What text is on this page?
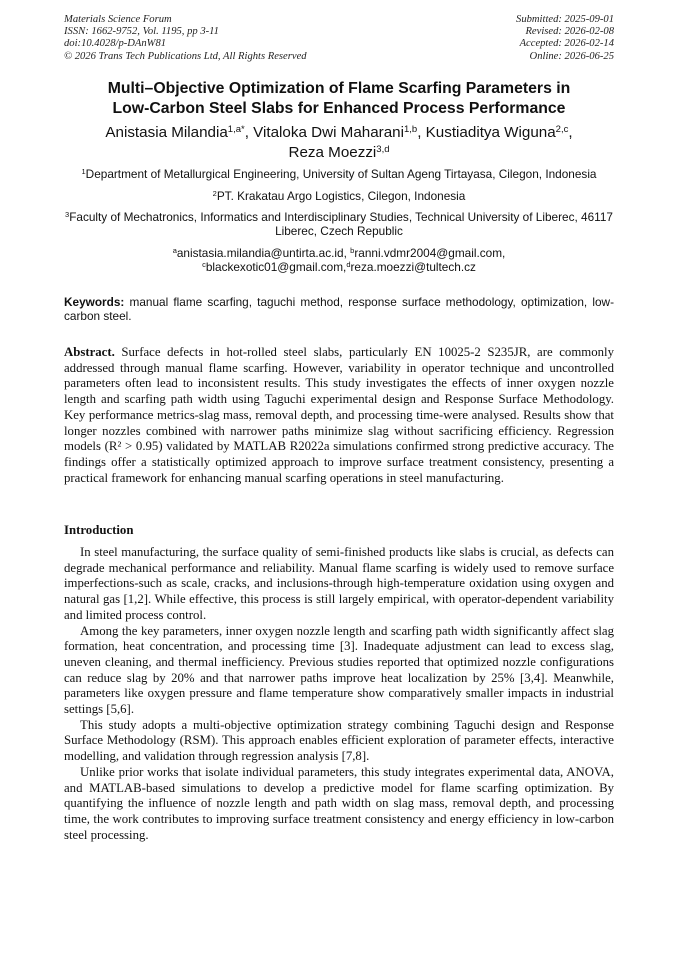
Materials Science Forum
ISSN: 1662-9752, Vol. 1195, pp 3-11
doi:10.4028/p-DAnW81
© 2026 Trans Tech Publications Ltd, All Rights Reserved
Submitted: 2025-09-01
Revised: 2026-02-08
Accepted: 2026-02-14
Online: 2026-06-25
Multi–Objective Optimization of Flame Scarfing Parameters in
Low-Carbon Steel Slabs for Enhanced Process Performance
Anistasia Milandia$^{1,a*}$, Vitaloka Dwi Maharani$^{1,b}$, Kustiaditya Wiguna$^{2,c}$,
Reza Moezzi$^{3,d}$
$^1$Department of Metallurgical Engineering, University of Sultan Ageng Tirtayasa, Cilegon, Indonesia
$^2$PT. Krakatau Argo Logistics, Cilegon, Indonesia
$^3$Faculty of Mechatronics, Informatics and Interdisciplinary Studies, Technical University of Liberec, 46117 Liberec, Czech Republic
$^a$anistasia.milandia@untirta.ac.id, $^b$ranni.vdmr2004@gmail.com,
$^c$blackexotic01@gmail.com,$^d$reza.moezzi@tultech.cz
Keywords: manual flame scarfing, taguchi method, response surface methodology, optimization, low-carbon steel.
Abstract. Surface defects in hot-rolled steel slabs, particularly EN 10025-2 S235JR, are commonly addressed through manual flame scarfing. However, variability in operator technique and uncontrolled parameters often lead to inconsistent results. This study investigates the effects of inner oxygen nozzle length and scarfing path width using Taguchi experimental design and Response Surface Methodology. Key performance metrics-slag mass, removal depth, and processing time-were analysed. Results show that longer nozzles combined with narrower paths minimize slag without sacrificing efficiency. Regression models (R² > 0.95) validated by MATLAB R2022a simulations confirmed strong predictive accuracy. The findings offer a statistically optimized approach to improve surface treatment consistency, presenting a practical framework for enhancing manual scarfing operations in steel manufacturing.
Introduction

In steel manufacturing, the surface quality of semi-finished products like slabs is crucial, as defects can degrade mechanical performance and reliability. Manual flame scarfing is widely used to remove surface imperfections-such as scale, cracks, and inclusions-through high-temperature oxidation using oxygen and natural gas [1,2]. While effective, this process is still largely empirical, with operator-dependent variability and limited process control.

Among the key parameters, inner oxygen nozzle length and scarfing path width significantly affect slag formation, heat concentration, and processing time [3]. Inadequate adjustment can lead to excess slag, uneven cleaning, and thermal inefficiency. Previous studies reported that optimized nozzle configurations can reduce slag by 20% and that narrower paths improve heat localization by 25% [3,4]. Meanwhile, parameters like oxygen pressure and flame temperature show comparatively smaller impacts in industrial settings [5,6].

This study adopts a multi-objective optimization strategy combining Taguchi design and Response Surface Methodology (RSM). This approach enables efficient exploration of parameter effects, interactive modelling, and validation through regression analysis [7,8].

Unlike prior works that isolate individual parameters, this study integrates experimental data, ANOVA, and MATLAB-based simulations to develop a predictive model for flame scarfing optimization. By quantifying the influence of nozzle length and path width on slag mass, removal depth, and processing time, the work contributes to improving surface treatment consistency and energy efficiency in low-carbon steel processing.
